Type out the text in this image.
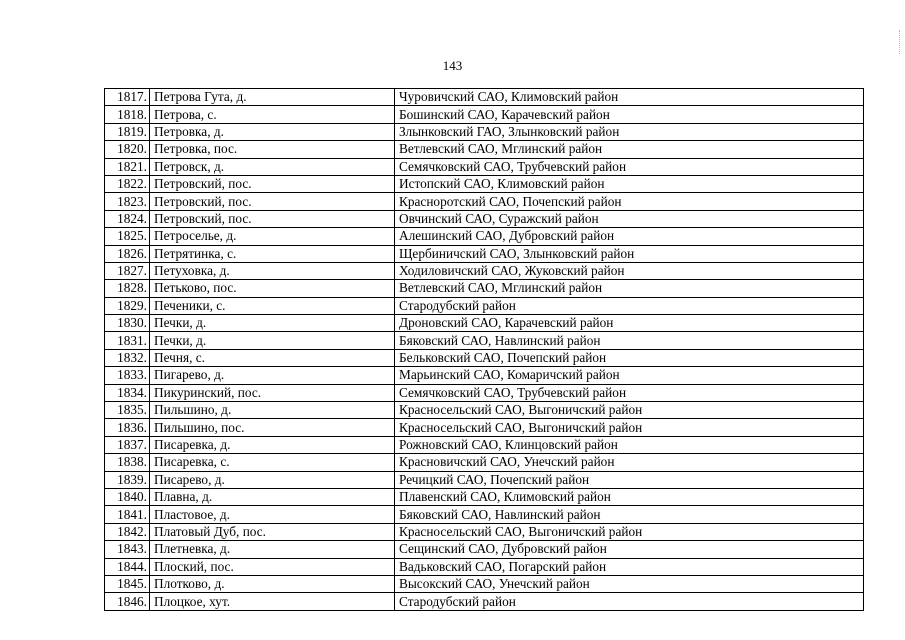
143
1817.	Петрова Гута, д.	Чуровичский САО, Климовский район
1818.	Петрова, с.	Бошинский САО, Карачевский район
1819.	Петровка, д.	Злынковский ГАО, Злынковский район
1820.	Петровка, пос.	Ветлевский САО, Мглинский район
1821.	Петровск, д.	Семячковский САО, Трубчевский район
1822.	Петровский, пос.	Истопский САО, Климовский район
1823.	Петровский, пос.	Красноротский САО, Почепский район
1824.	Петровский, пос.	Овчинский САО, Суражский район
1825.	Петроселье, д.	Алешинский САО, Дубровский район
1826.	Петрятинка, с.	Щербиничский САО, Злынковский район
1827.	Петуховка, д.	Ходиловичский САО, Жуковский район
1828.	Петьково, пос.	Ветлевский САО, Мглинский район
1829.	Печеники, с.	Стародубский район
1830.	Печки, д.	Дроновский САО, Карачевский район
1831.	Печки, д.	Бяковский САО, Навлинский район
1832.	Печня, с.	Бельковский САО, Почепский район
1833.	Пигарево, д.	Марьинский САО, Комаричский район
1834.	Пикуринский, пос.	Семячковский САО, Трубчевский район
1835.	Пильшино, д.	Красносельский САО, Выгоничский район
1836.	Пильшино, пос.	Красносельский САО, Выгоничский район
1837.	Писаревка, д.	Рожновский САО, Клинцовский район
1838.	Писаревка, с.	Красновичский САО, Унечский район
1839.	Писарево, д.	Речицкий САО, Почепский район
1840.	Плавна, д.	Плавенский САО, Климовский район
1841.	Пластовое, д.	Бяковский САО, Навлинский район
1842.	Платовый Дуб, пос.	Красносельский САО, Выгоничский район
1843.	Плетневка, д.	Сещинский САО, Дубровский район
1844.	Плоский, пос.	Вадьковский САО, Погарский район
1845.	Плотково, д.	Высокский САО, Унечский район
1846.	Плоцкое, хут.	Стародубский район
